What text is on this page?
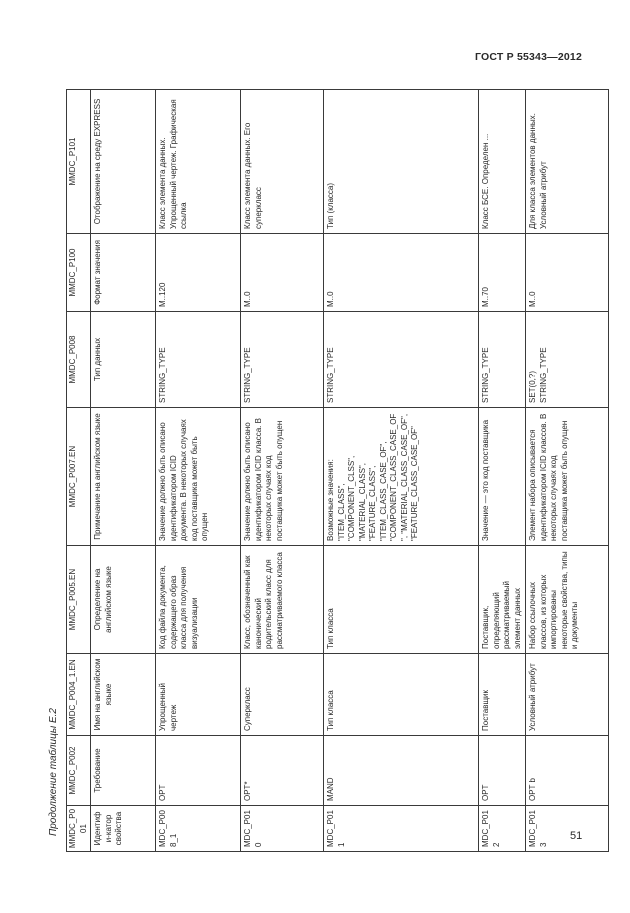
ГОСТ Р 55343—2012
Продолжение таблицы Е.2 MMDC_P001	MMDC_P002	MMDC_P004_1.EN	MMDC_P005.EN	MMDC_P007.EN	MMDC_P008	MMDC_P100	MMDC_P101
Идентифи-катор свойства	Требование	Имя на английском языке	Определение на английском языке	Примечание на английском языке	Тип данных	Формат значения	Отображение на среду EXPRESS
MDC_P008_1	OPT	Упрощенный чертеж	Код файла документа, содержащего образ класса для получения визуализации	Значение должно быть описано идентификатором ICID документа. В некоторых случаях код поставщика может быть опущен	STRING_TYPE	M..120	Класс элемента данных. Упрощенный чертеж. Графическая ссылка
MDC_P010	OPT*	Суперкласс	Класс, обозначенный как канонический родительский класс для рассматриваемого класса	Значение должно быть описано идентификатором ICID класса. В некоторых случаях код поставщика может быть опущен	STRING_TYPE	M..0	Класс элемента данных. Его суперкласс
MDC_P011	MAND	Тип класса	Тип класса	Возможные значения: "ITEM_CLASS", "COMPONENT_CLSS", "MATERIAL_CLASS", "FEATURE_CLASS", "ITEM_CLASS_CASE_OF", "COMPONENT_CLASS_CASE_OF", "MATERIAL_CLASS_CASE_OF", "FEATURE_CLASS_CASE_OF"	STRING_TYPE	M..0	Тип (класса)
MDC_P012	OPT	Поставщик	Поставщик, определяющий рассматриваемый элемент данных	Значение — это код поставщика	STRING_TYPE	M..70	Класс БСЕ. Определен ...
MDC_P013	OPT b	Условный атрибут	Набор ссылочных классов, из которых импортированы некоторые свойства, типы и документы	Элемент набора описывается идентификатором ICID классов. В некоторых случаях код поставщика может быть опущен	SET(0,?) STRING_TYPE	M..0	Для класса элементов данных. Условный атрибут
51
